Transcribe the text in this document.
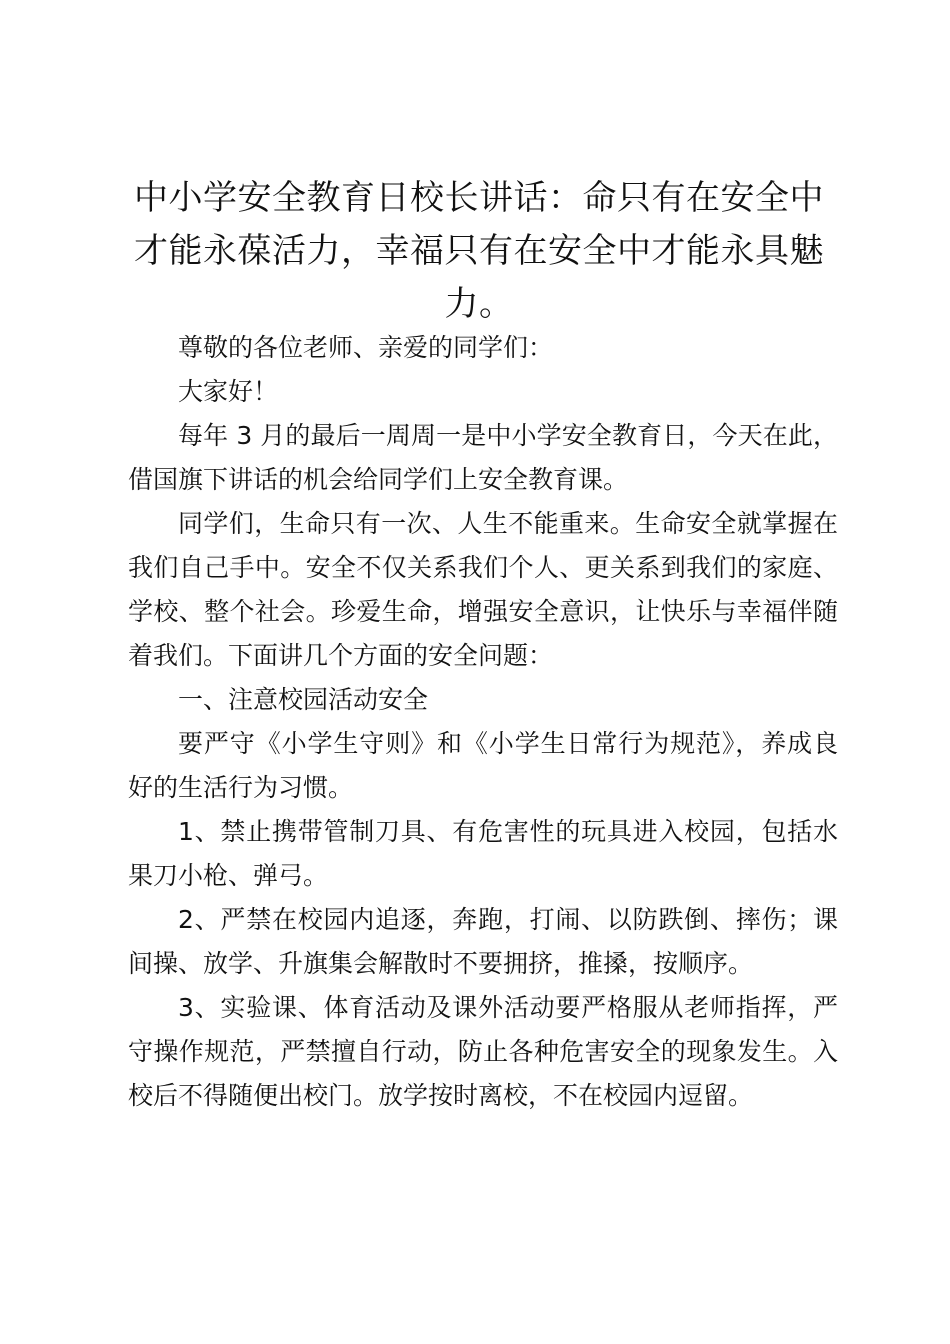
中小学安全教育日校长讲话：命只有在安全中才能永葆活力，幸福只有在安全中才能永具魅力。

尊敬的各位老师、亲爱的同学们：

大家好！

每年 3 月的最后一周周一是中小学安全教育日，今天在此，借国旗下讲话的机会给同学们上安全教育课。

同学们，生命只有一次、人生不能重来。生命安全就掌握在我们自己手中。安全不仅关系我们个人、更关系到我们的家庭、学校、整个社会。珍爱生命，增强安全意识，让快乐与幸福伴随着我们。下面讲几个方面的安全问题：

一、注意校园活动安全

要严守《小学生守则》和《小学生日常行为规范》，养成良好的生活行为习惯。

1、禁止携带管制刀具、有危害性的玩具进入校园，包括水果刀小枪、弹弓。

2、严禁在校园内追逐，奔跑，打闹、以防跌倒、摔伤；课间操、放学、升旗集会解散时不要拥挤，推搡，按顺序。

3、实验课、体育活动及课外活动要严格服从老师指挥，严守操作规范，严禁擅自行动，防止各种危害安全的现象发生。入校后不得随便出校门。放学按时离校，不在校园内逗留。
